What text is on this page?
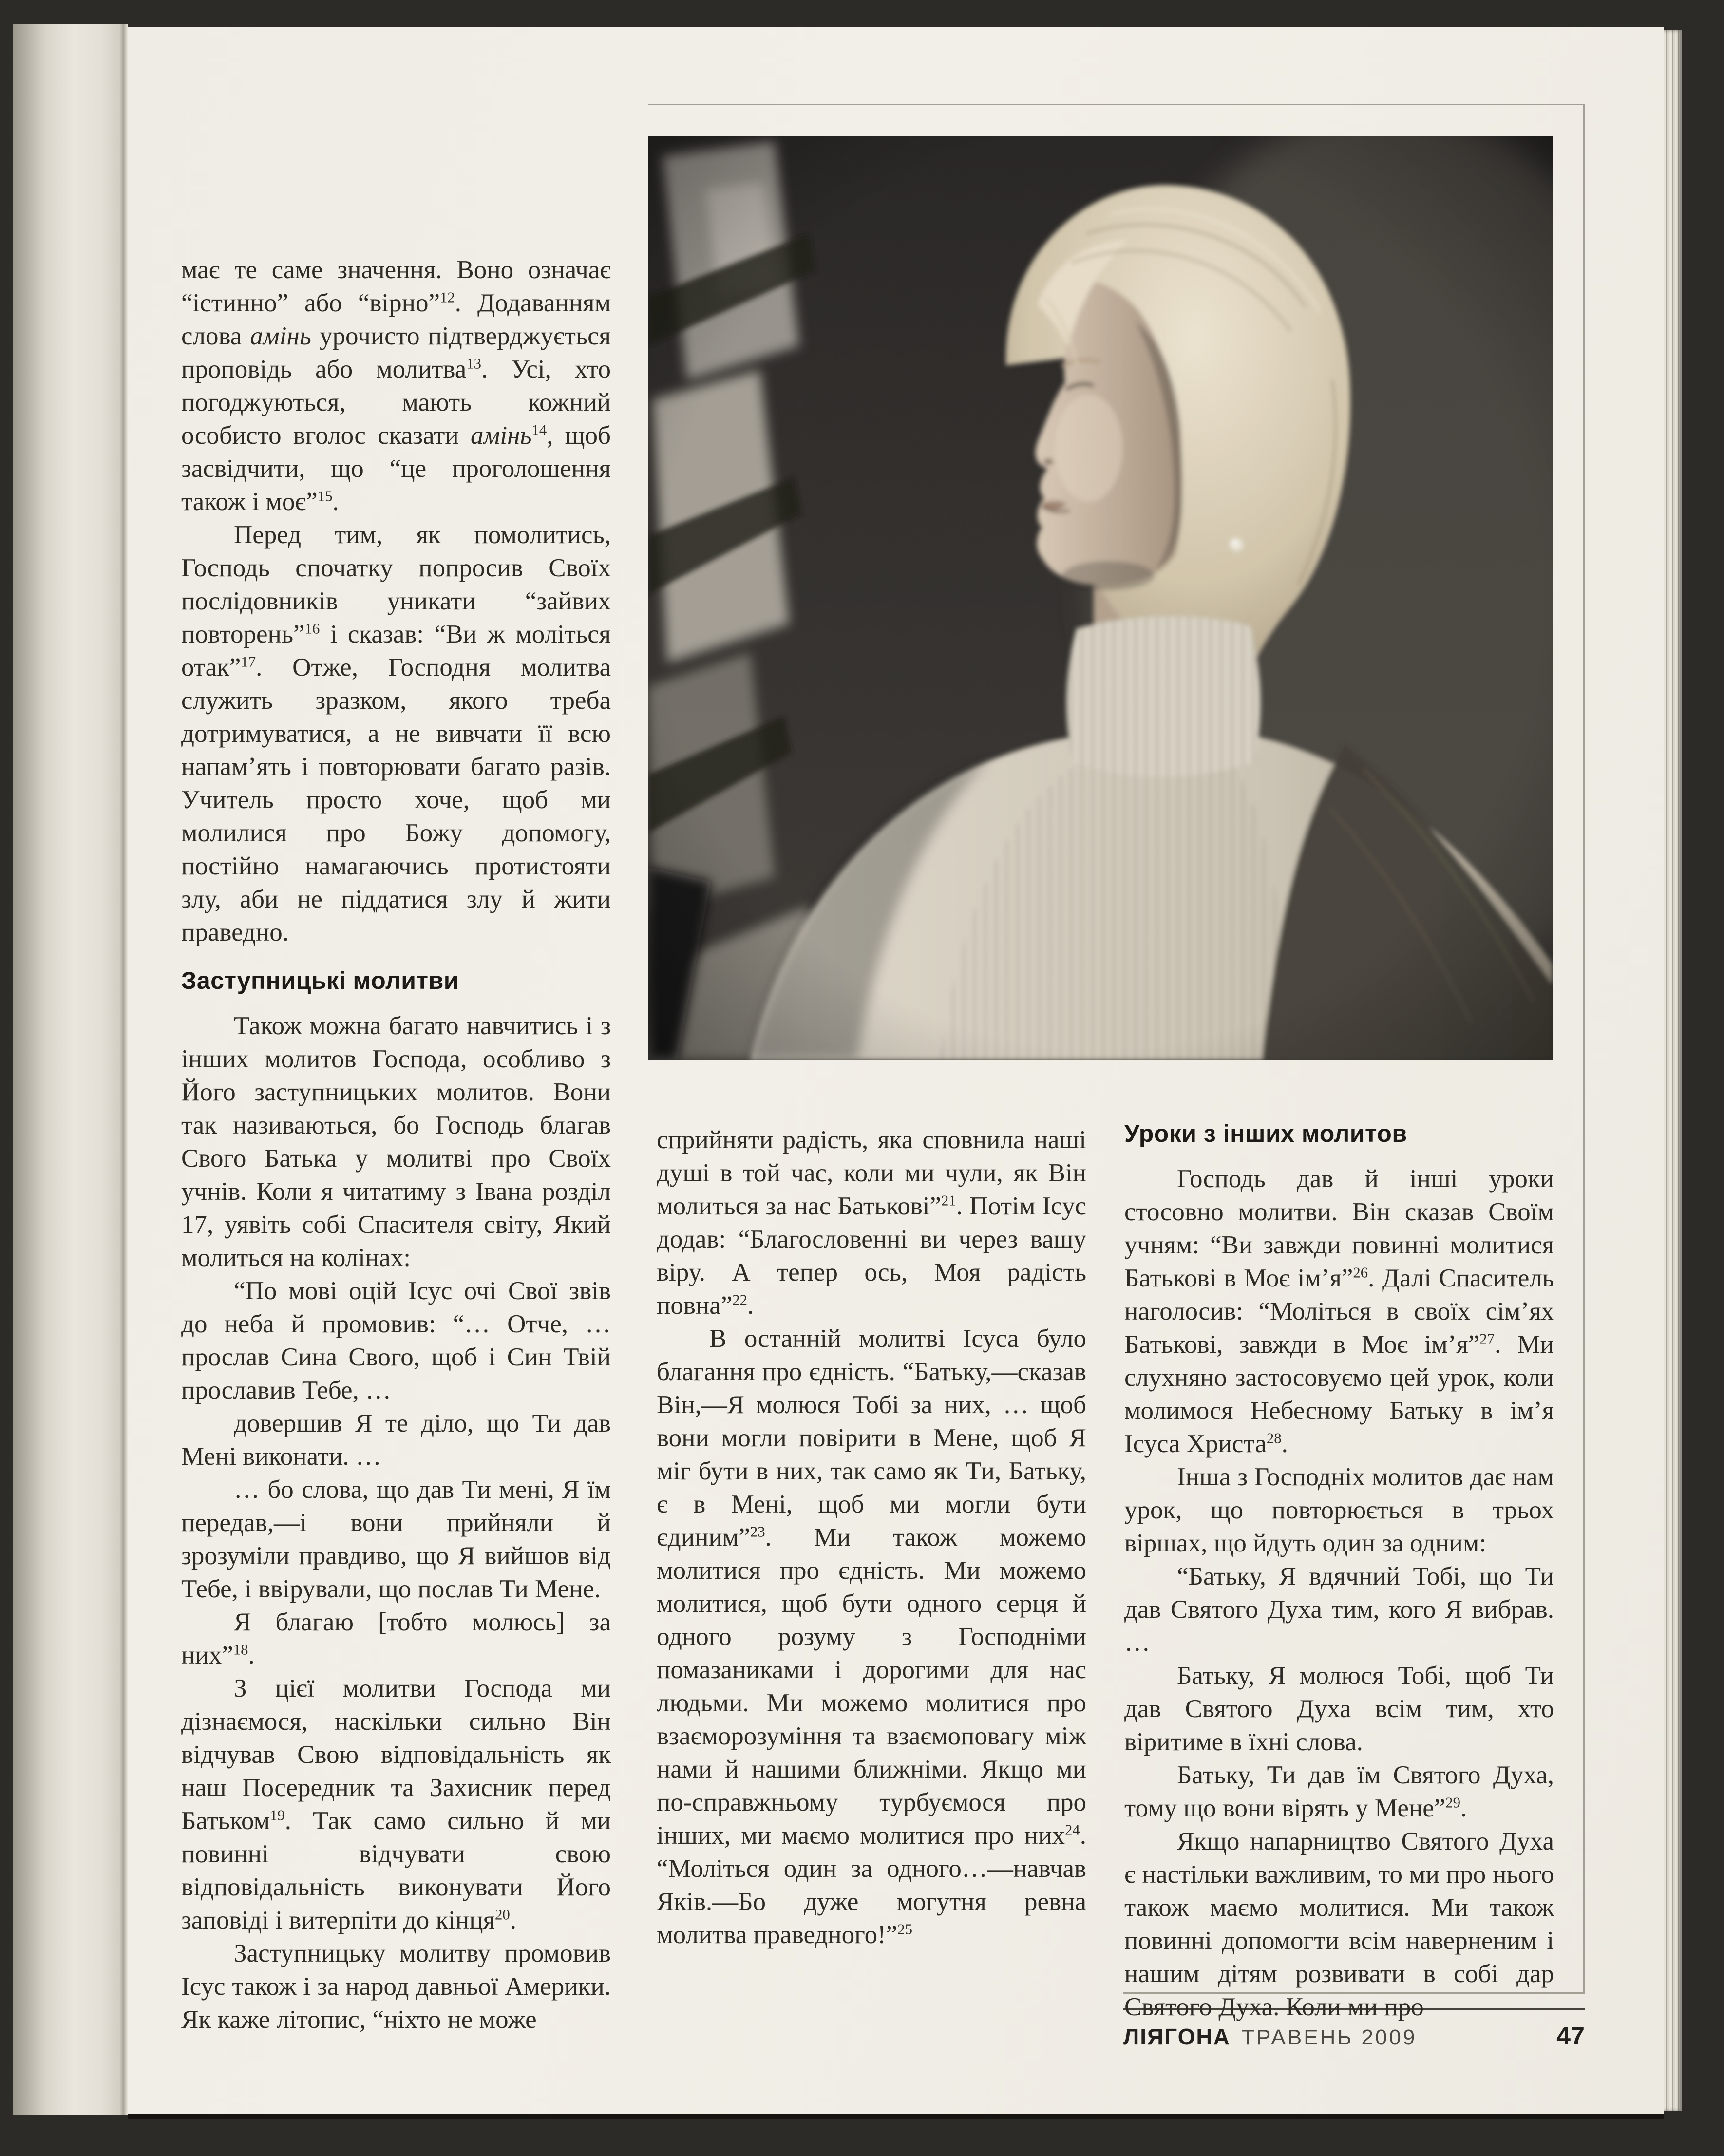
має те саме значення. Воно означає “істинно” або “вірно”$^{12}$. Додаванням слова амінь урочисто підтверджується проповідь або молитва$^{13}$. Усі, хто погоджуються, мають кожний особисто вголос сказати амінь$^{14}$, щоб засвідчити, що “це проголошення також і моє”$^{15}$.

Перед тим, як помолитись, Господь спочатку попросив Своїх послідовників уникати “зайвих повторень”$^{16}$ і сказав: “Ви ж моліться отак”$^{17}$. Отже, Господня молитва служить зразком, якого треба дотримуватися, а не вивчати її всю напам’ять і повторювати багато разів. Учитель просто хоче, щоб ми молилися про Божу допомогу, постійно намагаючись протистояти злу, аби не піддатися злу й жити праведно.

Заступницькі молитви

Також можна багато навчитись і з інших молитов Господа, особливо з Його заступницьких молитов. Вони так називаються, бо Господь благав Свого Батька у молитві про Своїх учнів. Коли я читатиму з Івана розділ 17, уявіть собі Спасителя світу, Який молиться на колінах:

“По мові оцій Ісус очі Свої звів до неба й промовив: “… Отче, … прослав Сина Свого, щоб і Син Твій прославив Тебе, …

довершив Я те діло, що Ти дав Мені виконати. …

… бо слова, що дав Ти мені, Я їм передав,—і вони прийняли й зрозуміли правдиво, що Я вийшов від Тебе, і ввірували, що послав Ти Мене.

Я благаю [тобто молюсь] за них”$^{18}$.

З цієї молитви Господа ми дізнаємося, наскільки сильно Він відчував Свою відповідальність як наш Посередник та Захисник перед Батьком$^{19}$. Так само сильно й ми повинні відчувати свою відповідальність виконувати Його заповіді і витерпіти до кінця$^{20}$.

Заступницьку молитву промовив Ісус також і за народ давньої Америки. Як каже літопис, “ніхто не може

сприйняти радість, яка сповнила наші душі в той час, коли ми чули, як Він молиться за нас Батькові”$^{21}$. Потім Ісус додав: “Благословенні ви через вашу віру. А тепер ось, Моя радість повна”$^{22}$.

В останній молитві Ісуса було благання про єдність. “Батьку,—сказав Він,—Я молюся Тобі за них, … щоб вони могли повірити в Мене, щоб Я міг бути в них, так само як Ти, Батьку, є в Мені, щоб ми могли бути єдиним”$^{23}$. Ми також можемо молитися про єдність. Ми можемо молитися, щоб бути одного серця й одного розуму з Господніми помазаниками і дорогими для нас людьми. Ми можемо молитися про взаєморозуміння та взаємоповагу між нами й нашими ближніми. Якщо ми по-справжньому турбуємося про інших, ми маємо молитися про них$^{24}$. “Моліться один за одного…—навчав Яків.—Бо дуже могутня ревна молитва праведного!”$^{25}$

Уроки з інших молитов

Господь дав й інші уроки стосовно молитви. Він сказав Своїм учням: “Ви завжди повинні молитися Батькові в Моє ім’я”$^{26}$. Далі Спаситель наголосив: “Моліться в своїх сім’ях Батькові, завжди в Моє ім’я”$^{27}$. Ми слухняно застосовуємо цей урок, коли молимося Небесному Батьку в ім’я Ісуса Христа$^{28}$.

Інша з Господніх молитов дає нам урок, що повторюється в трьох віршах, що йдуть один за одним:

“Батьку, Я вдячний Тобі, що Ти дав Святого Духа тим, кого Я вибрав. …

Батьку, Я молюся Тобі, щоб Ти дав Святого Духа всім тим, хто віритиме в їхні слова.

Батьку, Ти дав їм Святого Духа, тому що вони вірять у Мене”$^{29}$.

Якщо напарництво Святого Духа є настільки важливим, то ми про нього також маємо молитися. Ми також повинні допомогти всім наверненим і нашим дітям розвивати в собі дар Святого Духа. Коли ми про

ЛІЯГОНА ТРАВЕНЬ 2009	47
